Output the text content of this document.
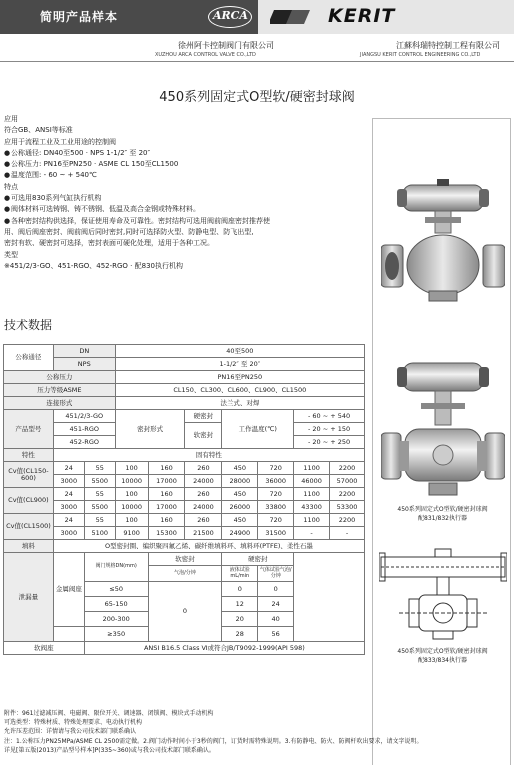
简明产品样本	ARCA	KERIT
徐州阿卡控制阀门有限公司
XUZHOU ARCA CONTROL VALVE CO.,LTD
江蘇科瑞特控制工程有限公司
JIANGSU KERIT CONTROL ENGINEERING CO.,LTD
450系列固定式O型软/硬密封球阀
应用
符合GB、ANSI等标准
应用于流程工业及工业用途的控制阀
●公称通径: DN40至500 · NPS 1-1/2″ 至 20″
●公称压力: PN16至PN250 · ASME CL 150至CL1500
●温度范围: - 60 ~ + 540℃
特点
●可选用830系列气缸执行机构
●阀体材料可选铸钢、铸不锈钢、低温及高合金钢或特殊材料。
●各种密封结构供选择，保证使用寿命及可靠性。密封结构可选用阀前阀座密封推荐使
用、阀后阀座密封、阀前阀后同时密封,同时可选择防火型、防静电型、防飞出型,
密封有软、硬密封可选择，密封表面可硬化处理，适用于各种工况。
类型
※451/2/3-GO、451-RGO、452-RGO · 配830执行机构
技术数据
公称通径	DN		40至500						
	NPS		1-1/2″ 至 20″						
公称压力			PN16至PN250						
压力等级ASME			CL150、CL300、CL600、CL900、CL1500						
连接形式			法兰式、对焊						
产品型号	451/2/3-GO		密封形式		硬密封	工作温度(℃)		- 60 ~ + 540	
	451-RGO				软密封			- 20 ~ + 150	
	452-RGO							- 20 ~ + 250	
特性	固有特性								
Cv值(CL150-600)	24	55	100	160	260	450	720	1100	2200
	3000	5500	10000	17000	24000	28000	36000	46000	57000
Cv值(CL900)	24	55	100	160	260	450	720	1100	2200
	3000	5500	10000	17000	24000	26000	33800	43300	53300
Cv值(CL1500)	24	55	100	160	260	450	720	1100	2200
	3000	5100	9100	15300	21500	24900	31500	-	-
填料	O型密封圈、编织聚四氟乙烯、碳纤维填料环、填料环(PTFE)、柔性石墨								
泄漏量	金属阀座	阀门规格DN(mm)		软密封		硬密封			
				气泡/分钟		液体试验mL/min	气体试验气泡/分钟		
		≤50		0		0	0		
		65-150				12	24		
		200-300				20	40		
		≥350				28	56		
软阀座		ANSI B16.5 Class Ⅵ或符合JB/T9092-1999(API 598)							
450系列固定式O型软/硬密封球阀
配831/832执行器
450系列固定式O型软/硬密封球阀
配833/834执行器
附件：961过滤减压阀、电磁阀、限位开关、调速器、闭锁阀、模块式手动机构
可选类型：特殊材质、特殊处理要求、电动执行机构
允许压差范围：详情请与我公司技术部门联系确认
注：1.公称压力PN25MPa/ASME CL 2500需定做。2.阀门动作时间小于3秒的阀门，订货时需特殊说明。3.有防静电、防火、防阀杆吹出要求，请文字说明。
详见[第五版(2013)产品型号样本]P(335~360)或与我公司技术部门联系确认。
